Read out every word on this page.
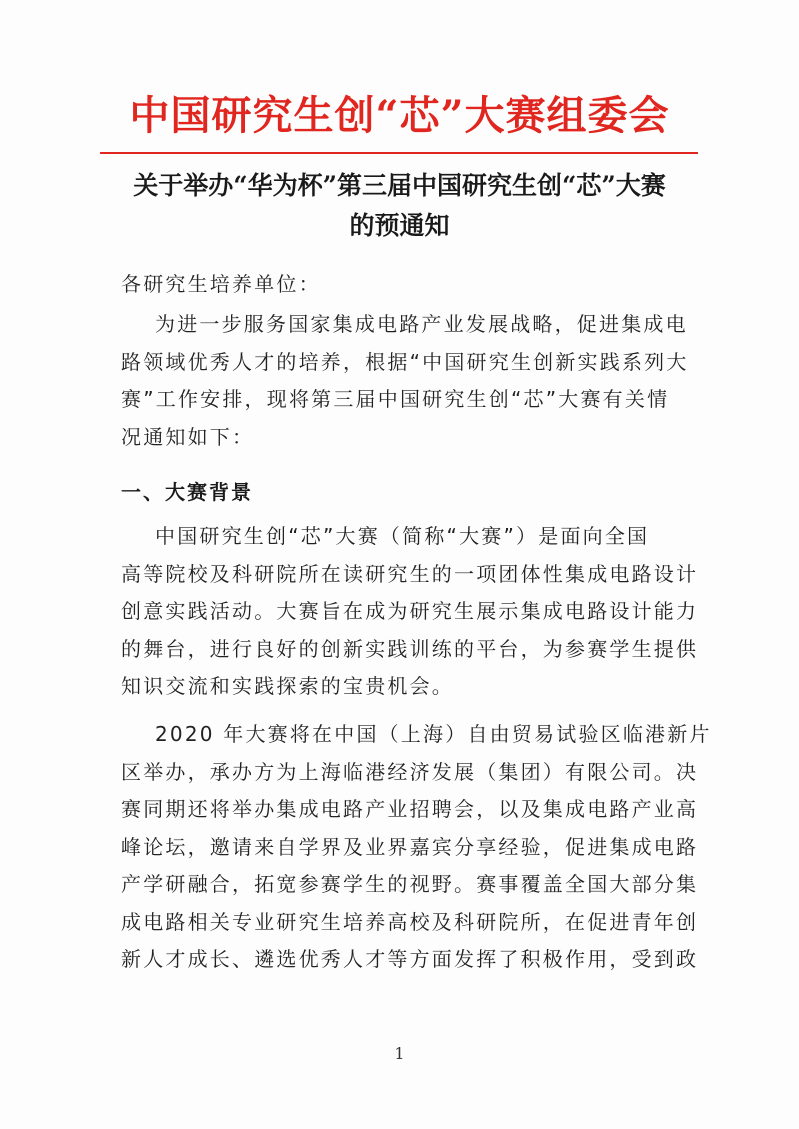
中国研究生创“芯”大赛组委会
关于举办“华为杯”第三届中国研究生创“芯”大赛
的预通知
各研究生培养单位：
为进一步服务国家集成电路产业发展战略，促进集成电
路领域优秀人才的培养，根据“中国研究生创新实践系列大
赛”工作安排，现将第三届中国研究生创“芯”大赛有关情
况通知如下：
一、大赛背景
中国研究生创“芯”大赛（简称“大赛”）是面向全国
高等院校及科研院所在读研究生的一项团体性集成电路设计
创意实践活动。大赛旨在成为研究生展示集成电路设计能力
的舞台，进行良好的创新实践训练的平台，为参赛学生提供
知识交流和实践探索的宝贵机会。
2020 年大赛将在中国（上海）自由贸易试验区临港新片
区举办，承办方为上海临港经济发展（集团）有限公司。决
赛同期还将举办集成电路产业招聘会，以及集成电路产业高
峰论坛，邀请来自学界及业界嘉宾分享经验，促进集成电路
产学研融合，拓宽参赛学生的视野。赛事覆盖全国大部分集
成电路相关专业研究生培养高校及科研院所，在促进青年创
新人才成长、遴选优秀人才等方面发挥了积极作用，受到政
1
